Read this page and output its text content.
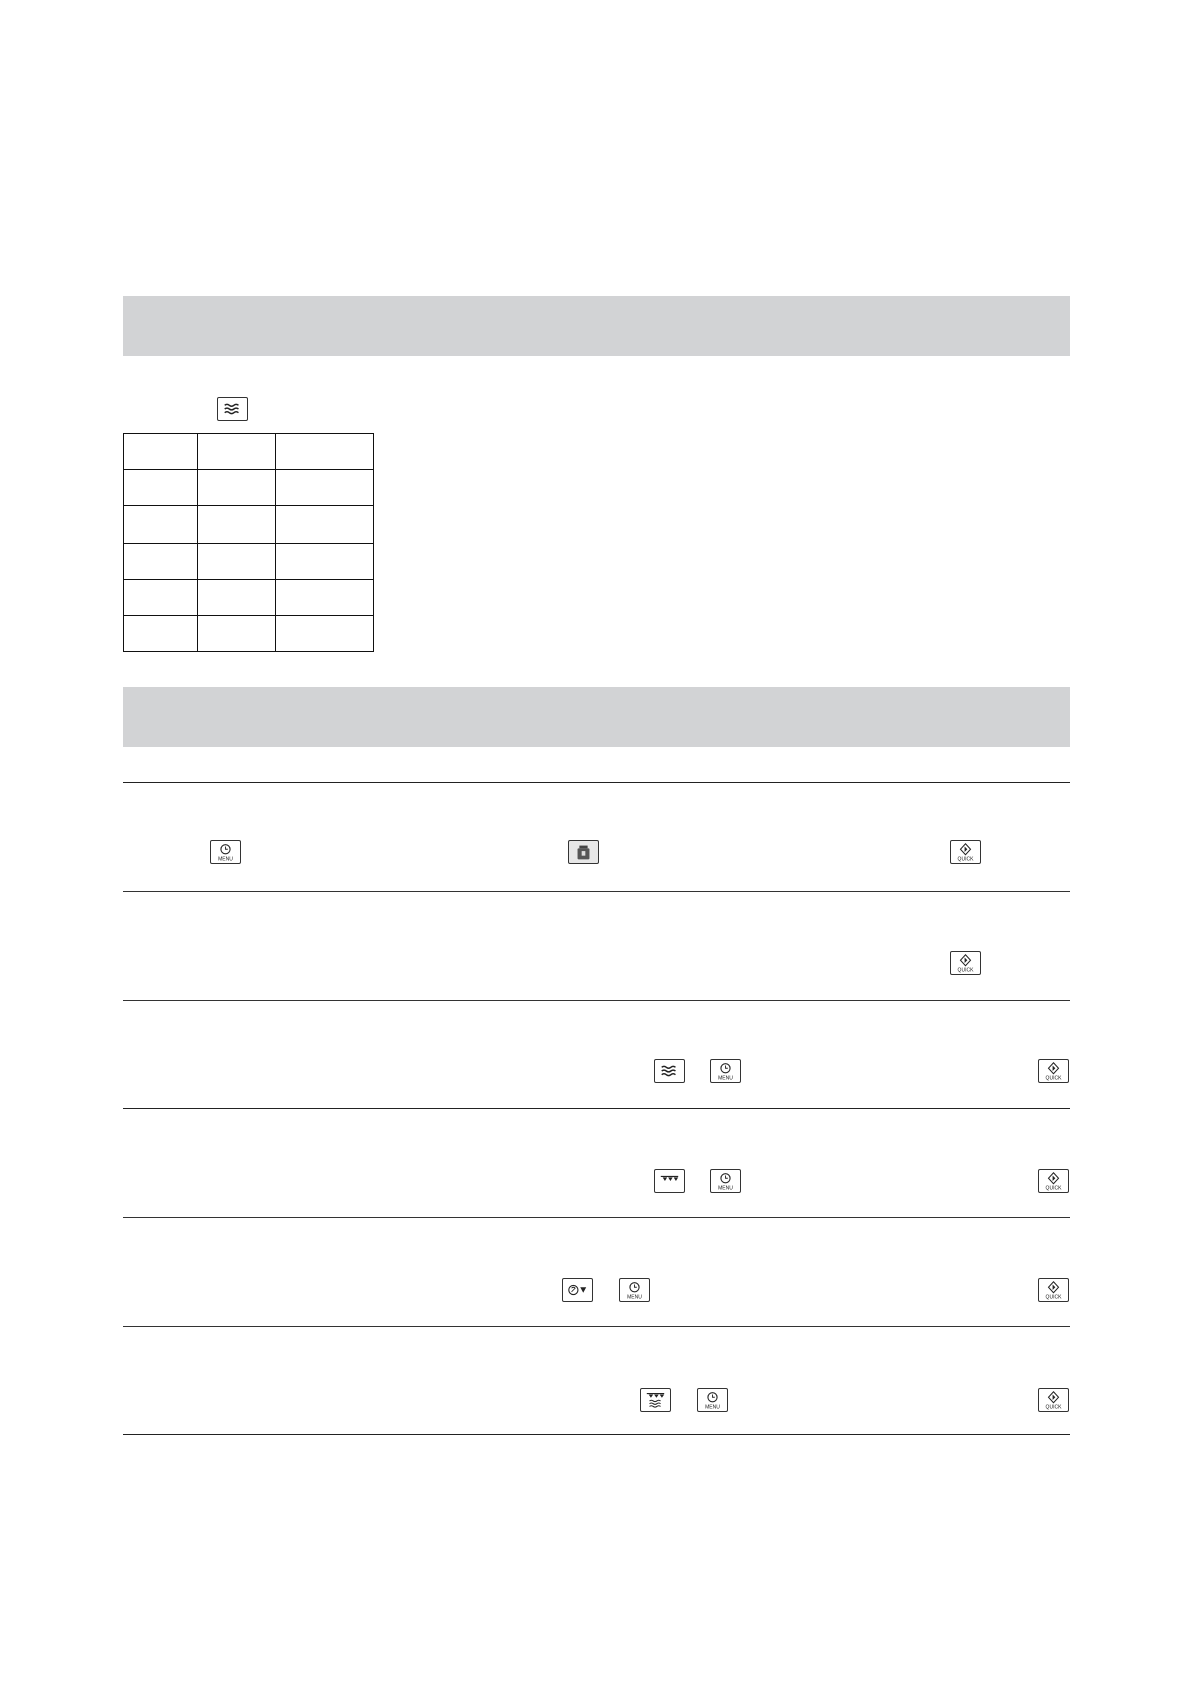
MENU	QUICK
QUICK
MENU	QUICK
MENU	QUICK
MENU	QUICK
MENU	QUICK
